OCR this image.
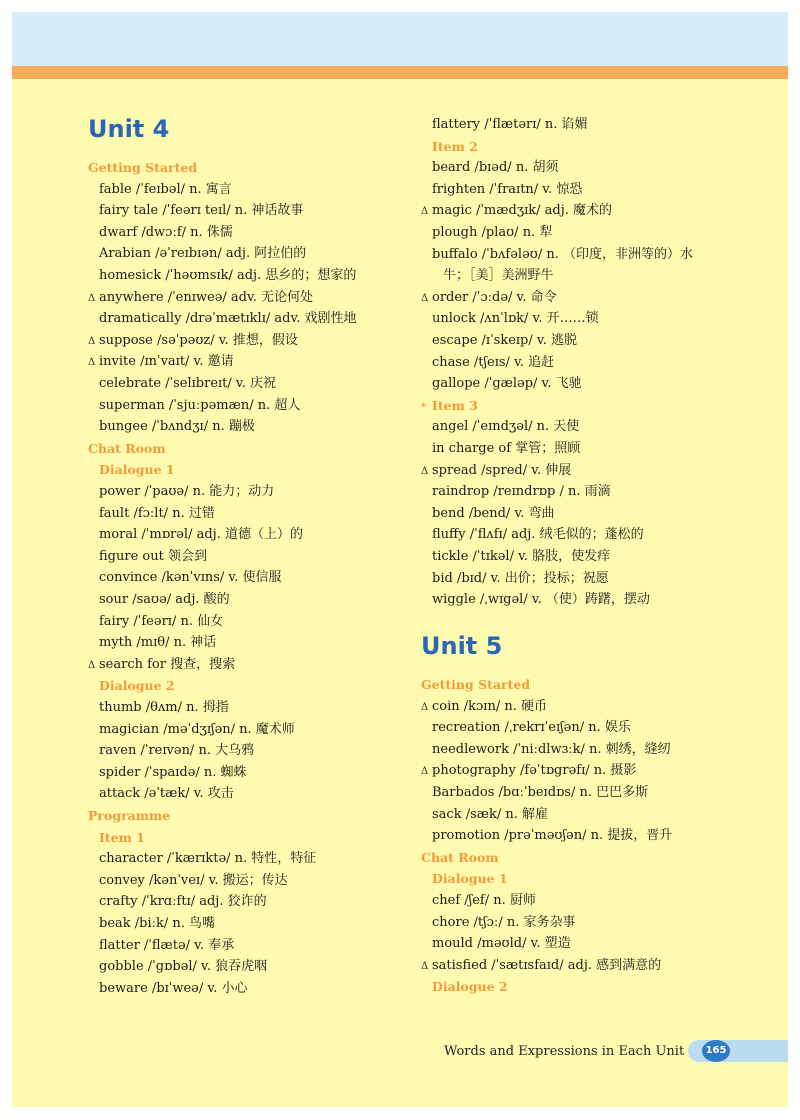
Unit 4
Getting Started
fable /ˈfeɪbəl/ n. 寓言
fairy tale /ˈfeərɪ teɪl/ n. 神话故事
dwarf /dwɔːf/ n. 侏儒
Arabian /əˈreɪbɪən/ adj. 阿拉伯的
homesick /ˈhəʊmsɪk/ adj. 思乡的；想家的
Δ anywhere /ˈenɪweə/ adv. 无论何处
dramatically /drəˈmætɪklɪ/ adv. 戏剧性地
Δ suppose /səˈpəʊz/ v. 推想，假设
Δ invite /ɪnˈvaɪt/ v. 邀请
celebrate /ˈselɪbreɪt/ v. 庆祝
superman /ˈsjuːpəmæn/ n. 超人
bungee /ˈbʌndʒɪ/ n. 蹦极
Chat Room
Dialogue 1
power /ˈpaʊə/ n. 能力；动力
fault /fɔːlt/ n. 过错
moral /ˈmɒrəl/ adj. 道德（上）的
figure out 领会到
convince /kənˈvɪns/ v. 使信服
sour /saʊə/ adj. 酸的
fairy /ˈfeərɪ/ n. 仙女
myth /mɪθ/ n. 神话
Δ search for 搜查，搜索
Dialogue 2
thumb /θʌm/ n. 拇指
magician /məˈdʒɪʃən/ n. 魔术师
raven /ˈreɪvən/ n. 大乌鸦
spider /ˈspaɪdə/ n. 蜘蛛
attack /əˈtæk/ v. 攻击
Programme
Item 1
character /ˈkærɪktə/ n. 特性，特征
convey /kənˈveɪ/ v. 搬运；传达
crafty /ˈkrɑːftɪ/ adj. 狡诈的
beak /biːk/ n. 鸟嘴
flatter /ˈflætə/ v. 奉承
gobble /ˈgɒbəl/ v. 狼吞虎咽
beware /bɪˈweə/ v. 小心
flattery /ˈflætərɪ/ n. 谄媚
Item 2
beard /bɪəd/ n. 胡须
frighten /ˈfraɪtn/ v. 惊恐
Δ magic /ˈmædʒɪk/ adj. 魔术的
plough /plaʊ/ n. 犁
buffalo /ˈbʌfələʊ/ n. （印度，非洲等的）水
牛；［美］美洲野牛
Δ order /ˈɔːdə/ v. 命令
unlock /ʌnˈlɒk/ v. 开……锁
escape /ɪˈskeɪp/ v. 逃脱
chase /tʃeɪs/ v. 追赶
gallope /ˈgæləp/ v. 飞驰
* Item 3
angel /ˈeɪndʒəl/ n. 天使
in charge of 掌管；照顾
Δ spread /spred/ v. 伸展
raindrop /reɪndrɒp / n. 雨滴
bend /bend/ v. 弯曲
fluffy /ˈflʌfɪ/ adj. 绒毛似的；蓬松的
tickle /ˈtɪkəl/ v. 胳肢，使发痒
bid /bɪd/ v. 出价；投标；祝愿
wiggle /ˌwɪgəl/ v. （使）踌躇，摆动
Unit 5
Getting Started
Δ coin /kɔɪn/ n. 硬币
recreation /ˌrekrɪˈeɪʃən/ n. 娱乐
needlework /ˈniːdlwɜːk/ n. 刺绣，缝纫
Δ photography /fəˈtɒgrəfɪ/ n. 摄影
Barbados /bɑːˈbeɪdɒs/ n. 巴巴多斯
sack /sæk/ n. 解雇
promotion /prəˈməʊʃən/ n. 提拔，晋升
Chat Room
Dialogue 1
chef /ʃef/ n. 厨师
chore /tʃɔː/ n. 家务杂事
mould /məʊld/ v. 塑造
Δ satisfied /ˈsætɪsfaɪd/ adj. 感到满意的
Dialogue 2
Words and Expressions in Each Unit	165
